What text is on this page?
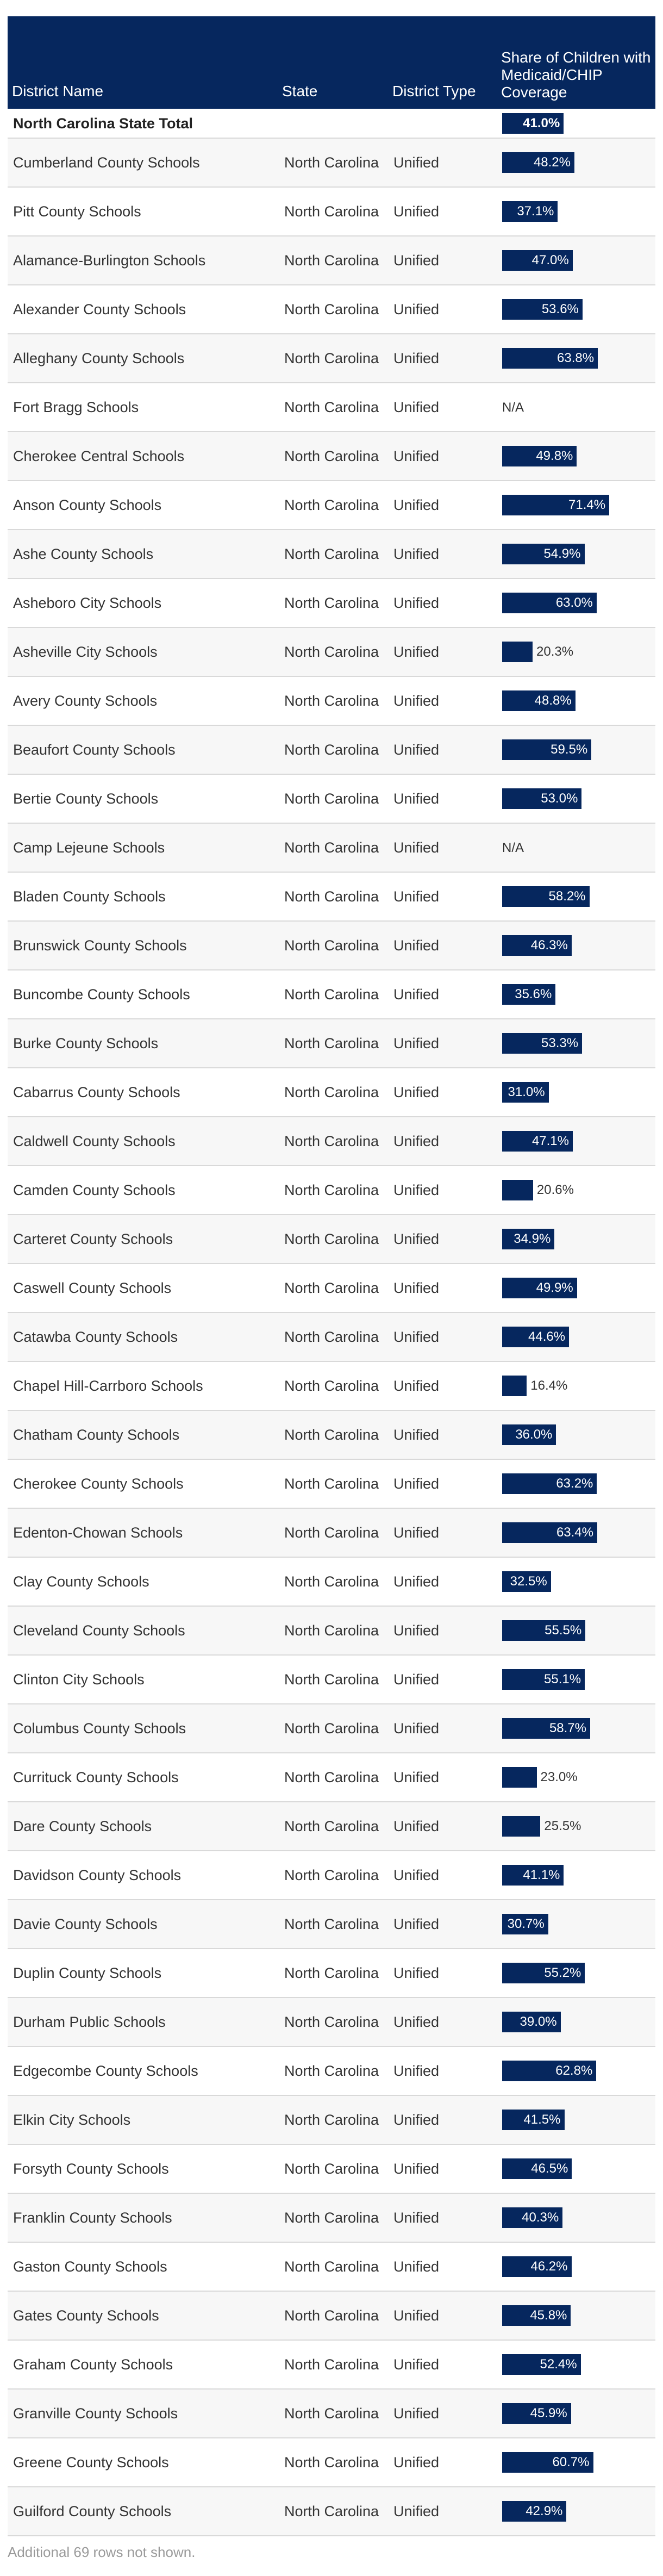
District Name	State	District Type	Share of Children with Medicaid/CHIP Coverage
North Carolina State Total			41.0%
Cumberland County Schools	North Carolina	Unified	48.2%
Pitt County Schools	North Carolina	Unified	37.1%
Alamance-Burlington Schools	North Carolina	Unified	47.0%
Alexander County Schools	North Carolina	Unified	53.6%
Alleghany County Schools	North Carolina	Unified	63.8%
Fort Bragg Schools	North Carolina	Unified	N/A
Cherokee Central Schools	North Carolina	Unified	49.8%
Anson County Schools	North Carolina	Unified	71.4%
Ashe County Schools	North Carolina	Unified	54.9%
Asheboro City Schools	North Carolina	Unified	63.0%
Asheville City Schools	North Carolina	Unified	20.3%
Avery County Schools	North Carolina	Unified	48.8%
Beaufort County Schools	North Carolina	Unified	59.5%
Bertie County Schools	North Carolina	Unified	53.0%
Camp Lejeune Schools	North Carolina	Unified	N/A
Bladen County Schools	North Carolina	Unified	58.2%
Brunswick County Schools	North Carolina	Unified	46.3%
Buncombe County Schools	North Carolina	Unified	35.6%
Burke County Schools	North Carolina	Unified	53.3%
Cabarrus County Schools	North Carolina	Unified	31.0%
Caldwell County Schools	North Carolina	Unified	47.1%
Camden County Schools	North Carolina	Unified	20.6%
Carteret County Schools	North Carolina	Unified	34.9%
Caswell County Schools	North Carolina	Unified	49.9%
Catawba County Schools	North Carolina	Unified	44.6%
Chapel Hill-Carrboro Schools	North Carolina	Unified	16.4%
Chatham County Schools	North Carolina	Unified	36.0%
Cherokee County Schools	North Carolina	Unified	63.2%
Edenton-Chowan Schools	North Carolina	Unified	63.4%
Clay County Schools	North Carolina	Unified	32.5%
Cleveland County Schools	North Carolina	Unified	55.5%
Clinton City Schools	North Carolina	Unified	55.1%
Columbus County Schools	North Carolina	Unified	58.7%
Currituck County Schools	North Carolina	Unified	23.0%
Dare County Schools	North Carolina	Unified	25.5%
Davidson County Schools	North Carolina	Unified	41.1%
Davie County Schools	North Carolina	Unified	30.7%
Duplin County Schools	North Carolina	Unified	55.2%
Durham Public Schools	North Carolina	Unified	39.0%
Edgecombe County Schools	North Carolina	Unified	62.8%
Elkin City Schools	North Carolina	Unified	41.5%
Forsyth County Schools	North Carolina	Unified	46.5%
Franklin County Schools	North Carolina	Unified	40.3%
Gaston County Schools	North Carolina	Unified	46.2%
Gates County Schools	North Carolina	Unified	45.8%
Graham County Schools	North Carolina	Unified	52.4%
Granville County Schools	North Carolina	Unified	45.9%
Greene County Schools	North Carolina	Unified	60.7%
Guilford County Schools	North Carolina	Unified	42.9%
Additional 69 rows not shown.
